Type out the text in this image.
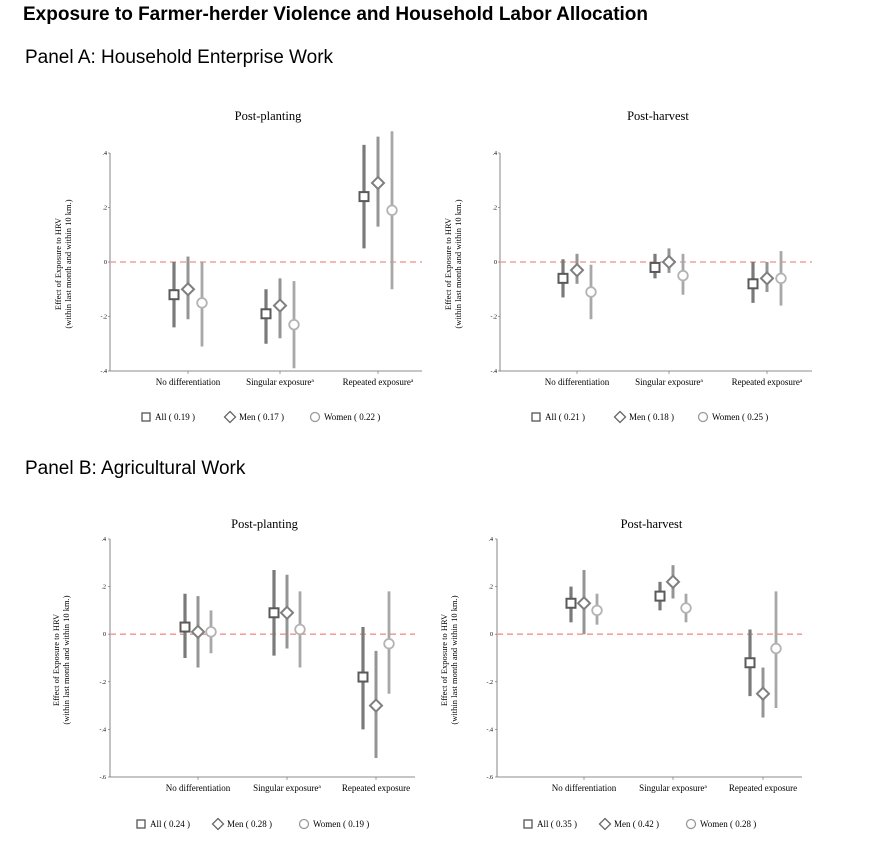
Exposure to Farmer-herder Violence and Household Labor Allocation
Panel A: Household Enterprise Work
Panel B: Agricultural Work
Post-planting
Effect of Exposure to HRV (within last month and within 10 km.)
.4
.2
0
-.2
-.4
No differentiation	Singular exposure$^a$	Repeated exposure$^a$
All ( 0.19 )	Men ( 0.17 )	Women ( 0.22 )
Post-harvest
Effect of Exposure to HRV (within last month and within 10 km.)
.4
.2
0
-.2
-.4
No differentiation	Singular exposure$^a$	Repeated exposure$^a$
All ( 0.21 )	Men ( 0.18 )	Women ( 0.25 )
Post-planting
Effect of Exposure to HRV (within last month and within 10 km.)
.4
.2
0
-.2
-.4
-.6
No differentiation	Singular exposure$^a$ Repeated exposure
All ( 0.24 )	Men ( 0.28 )	Women ( 0.19 )
Post-harvest
Effect of Exposure to HRV (within last month and within 10 km.)
.4
.2
0
-.2
-.4
-.6
No differentiation	Singular exposure$^a$ Repeated exposure
All ( 0.35 )	Men ( 0.42 )	Women ( 0.28 )
